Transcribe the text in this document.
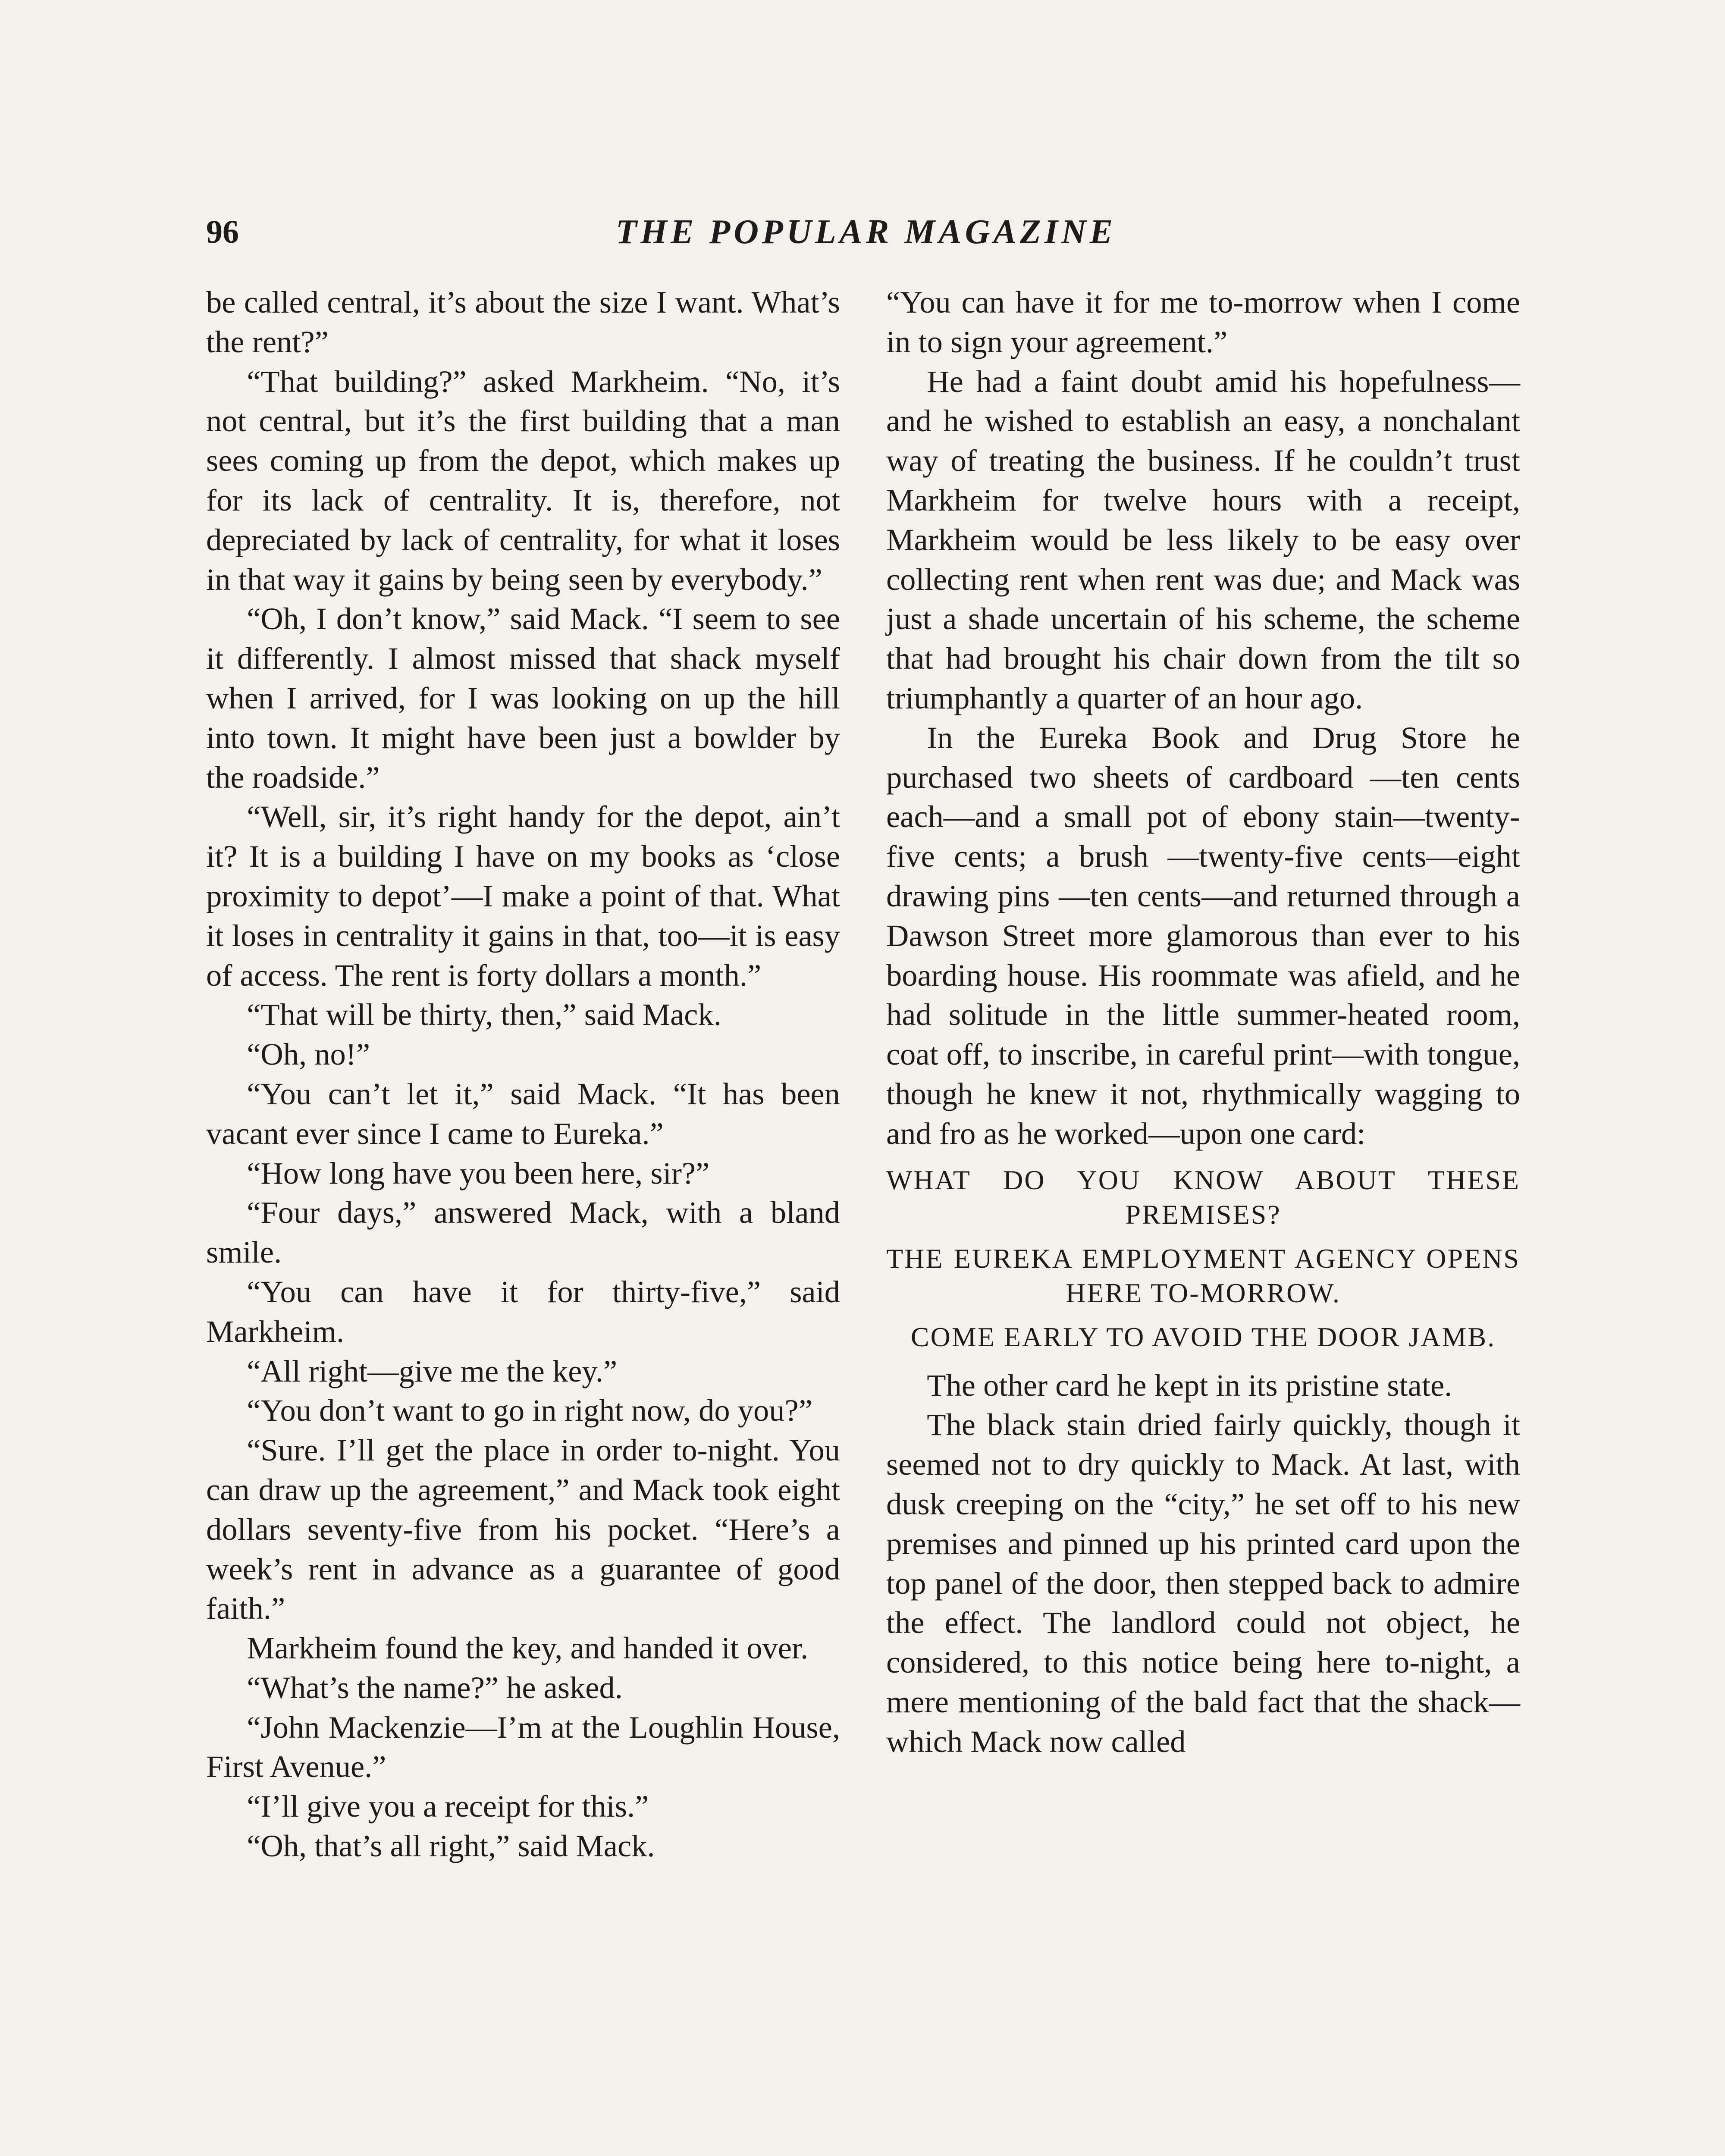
96	THE POPULAR MAGAZINE

be called central, it’s about the size I want. What’s the rent?”

“That building?” asked Markheim. “No, it’s not central, but it’s the first building that a man sees coming up from the depot, which makes up for its lack of centrality. It is, therefore, not depreciated by lack of centrality, for what it loses in that way it gains by being seen by everybody.”

“Oh, I don’t know,” said Mack. “I seem to see it differently. I almost missed that shack myself when I arrived, for I was looking on up the hill into town. It might have been just a bowlder by the roadside.”

“Well, sir, it’s right handy for the depot, ain’t it? It is a building I have on my books as ‘close proximity to depot’—I make a point of that. What it loses in centrality it gains in that, too—it is easy of access. The rent is forty dollars a month.”

“That will be thirty, then,” said Mack.

“Oh, no!”

“You can’t let it,” said Mack. “It has been vacant ever since I came to Eureka.”

“How long have you been here, sir?”

“Four days,” answered Mack, with a bland smile.

“You can have it for thirty-five,” said Markheim.

“All right—give me the key.”

“You don’t want to go in right now, do you?”

“Sure. I’ll get the place in order to-night. You can draw up the agreement,” and Mack took eight dollars seventy-five from his pocket. “Here’s a week’s rent in advance as a guarantee of good faith.”

Markheim found the key, and handed it over.

“What’s the name?” he asked.

“John Mackenzie—I’m at the Loughlin House, First Avenue.”

“I’ll give you a receipt for this.”

“Oh, that’s all right,” said Mack.

“You can have it for me to-morrow when I come in to sign your agreement.”

He had a faint doubt amid his hopefulness—and he wished to establish an easy, a nonchalant way of treating the business. If he couldn’t trust Markheim for twelve hours with a receipt, Markheim would be less likely to be easy over collecting rent when rent was due; and Mack was just a shade uncertain of his scheme, the scheme that had brought his chair down from the tilt so triumphantly a quarter of an hour ago.

In the Eureka Book and Drug Store he purchased two sheets of cardboard —ten cents each—and a small pot of ebony stain—twenty-five cents; a brush —twenty-five cents—eight drawing pins —ten cents—and returned through a Dawson Street more glamorous than ever to his boarding house. His roommate was afield, and he had solitude in the little summer-heated room, coat off, to inscribe, in careful print—with tongue, though he knew it not, rhythmically wagging to and fro as he worked—upon one card:

WHAT DO YOU KNOW ABOUT THESE PREMISES?
THE EUREKA EMPLOYMENT AGENCY OPENS HERE TO-MORROW.
COME EARLY TO AVOID THE DOOR JAMB.

The other card he kept in its pristine state.

The black stain dried fairly quickly, though it seemed not to dry quickly to Mack. At last, with dusk creeping on the “city,” he set off to his new premises and pinned up his printed card upon the top panel of the door, then stepped back to admire the effect. The landlord could not object, he considered, to this notice being here to-night, a mere mentioning of the bald fact that the shack—which Mack now called
